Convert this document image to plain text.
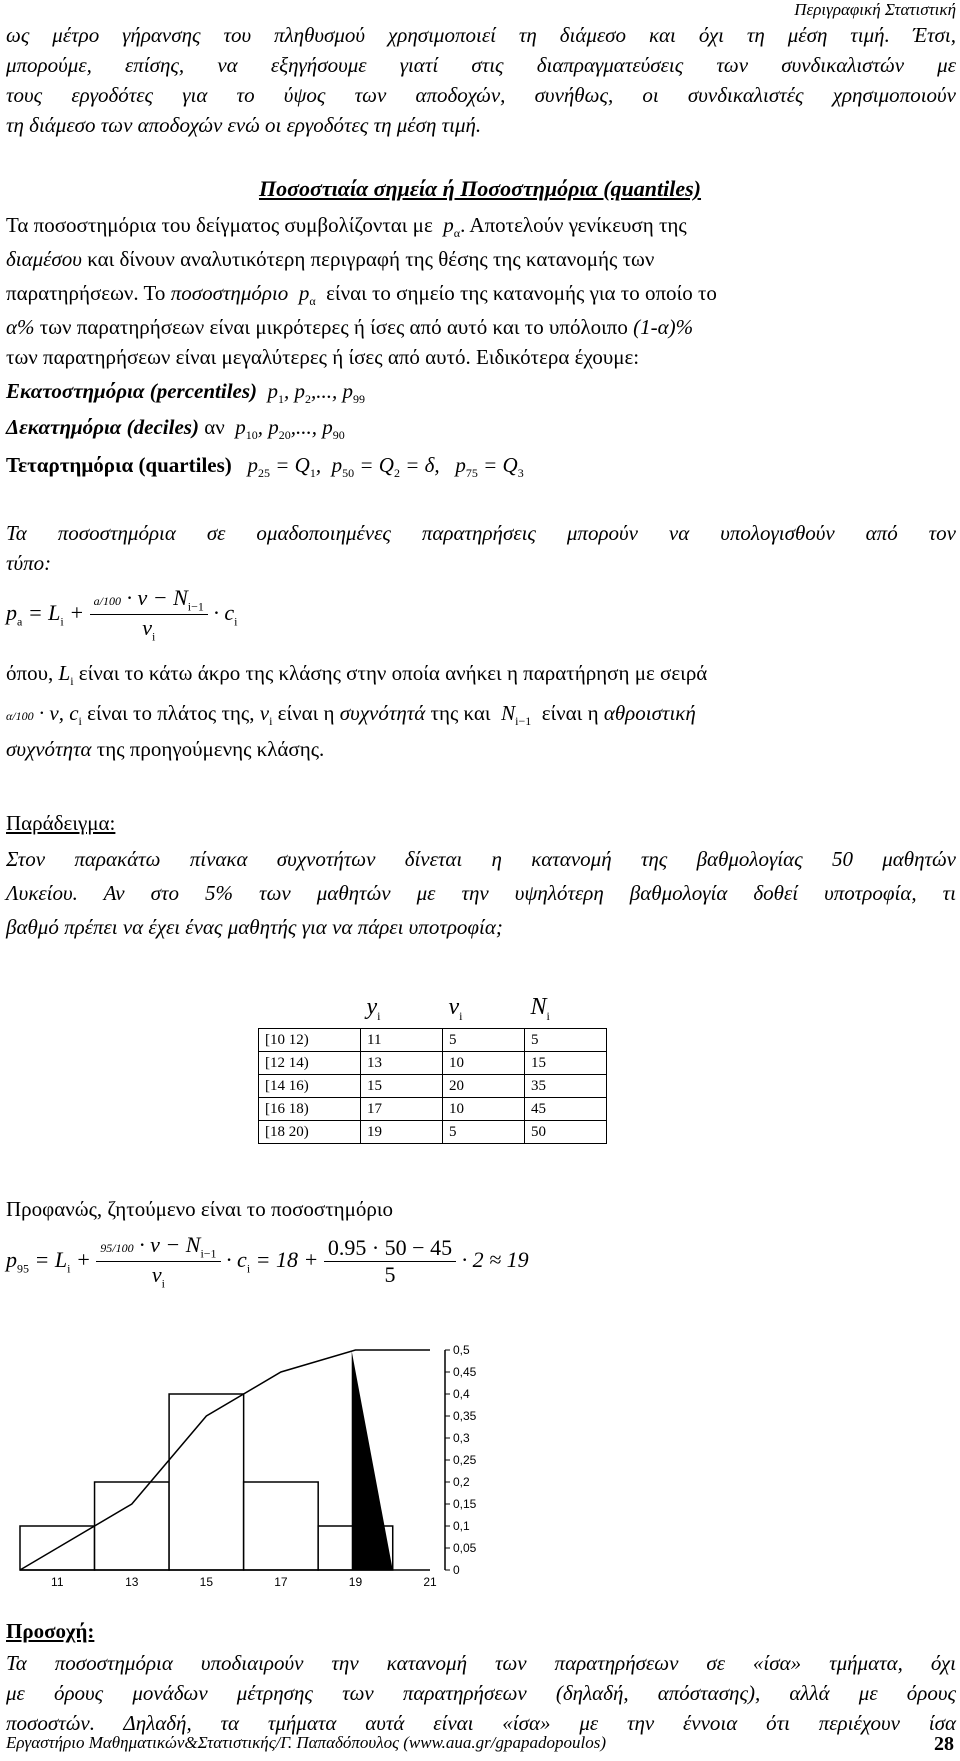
Περιγραφική Στατιστική
ως μέτρο γήρανσης του πληθυσμού χρησιμοποιεί τη διάμεσο και όχι τη μέση τιμή. Έτσι,
μπορούμε, επίσης, να εξηγήσουμε γιατί στις διαπραγματεύσεις των συνδικαλιστών με
τους εργοδότες για το ύψος των αποδοχών, συνήθως, οι συνδικαλιστές χρησιμοποιούν
τη διάμεσο των αποδοχών ενώ οι εργοδότες τη μέση τιμή.
Ποσοστιαία σημεία ή Ποσοστημόρια (quantiles)
Τα ποσοστημόρια του δείγματος συμβολίζονται με  $p_\alpha$. Αποτελούν γενίκευση της
διαμέσου και δίνουν αναλυτικότερη περιγραφή της θέσης της κατανομής των
παρατηρήσεων. Το ποσοστημόριο  $p_\alpha$ είναι το σημείο της κατανομής για το οποίο το
α% των παρατηρήσεων είναι μικρότερες ή ίσες από αυτό και το υπόλοιπο (1-α)%
των παρατηρήσεων είναι μεγαλύτερες ή ίσες από αυτό. Ειδικότερα έχουμε:
Εκατοστημόρια (percentiles)  $p_1$, $p_2$,..., $p_{99}$
Δεκατημόρια (deciles) αν  $p_{10}$, $p_{20}$,..., $p_{90}$
Τεταρτημόρια (quartiles)   $p_{25} = Q_1$,  $p_{50} = Q_2 = \delta$,   $p_{75} = Q_3$
Τα ποσοστημόρια σε ομαδοποιημένες παρατηρήσεις μπορούν να υπολογισθούν από τον
τύπο:
$p_a = L_i + \frac{a/100 \cdot \nu - N_{i-1}}{\nu_i} \cdot c_i$
όπου, $L_i$ είναι το κάτω άκρο της κλάσης στην οποία ανήκει η παρατήρηση με σειρά
α/100 · ν, $c_i$ είναι το πλάτος της, $\nu_i$ είναι η συχνότητά της και  $N_{i-1}$ είναι η αθροιστική
συχνότητα της προηγούμενης κλάσης.
Παράδειγμα:
Στον παρακάτω πίνακα συχνοτήτων δίνεται η κατανομή της βαθμολογίας 50 μαθητών
Λυκείου. Αν στο 5% των μαθητών με την υψηλότερη βαθμολογία δοθεί υποτροφία, τι
βαθμό πρέπει να έχει ένας μαθητής για να πάρει υποτροφία;
	$y_i$	$\nu_i$	$N_i$
[10 12)	11	5	5
[12 14)	13	10	15
[14 16)	15	20	35
[16 18)	17	10	45
[18 20)	19	5	50
Προφανώς, ζητούμενο είναι το ποσοστημόριο
$p_{95} = L_i + \frac{95/100 \cdot \nu - N_{i-1}}{\nu_i} \cdot c_i = 18 + \frac{0.95 \cdot 50 - 45}{5} \cdot 2 \approx 19$
11	13	15	17	19	21
0,5
0,45
0,4
0,35
0,3
0,25
0,2
0,15
0,1
0,05
0
Προσοχή:
Τα ποσοστημόρια υποδιαιρούν την κατανομή των παρατηρήσεων σε «ίσα» τμήματα, όχι
με όρους μονάδων μέτρησης των παρατηρήσεων (δηλαδή, απόστασης), αλλά με όρους
ποσοστών. Δηλαδή, τα τμήματα αυτά είναι «ίσα» με την έννοια ότι περιέχουν ίσα
Εργαστήριο Μαθηματικών&Στατιστικής/Γ. Παπαδόπουλος (www.aua.gr/gpapadopoulos)	28
